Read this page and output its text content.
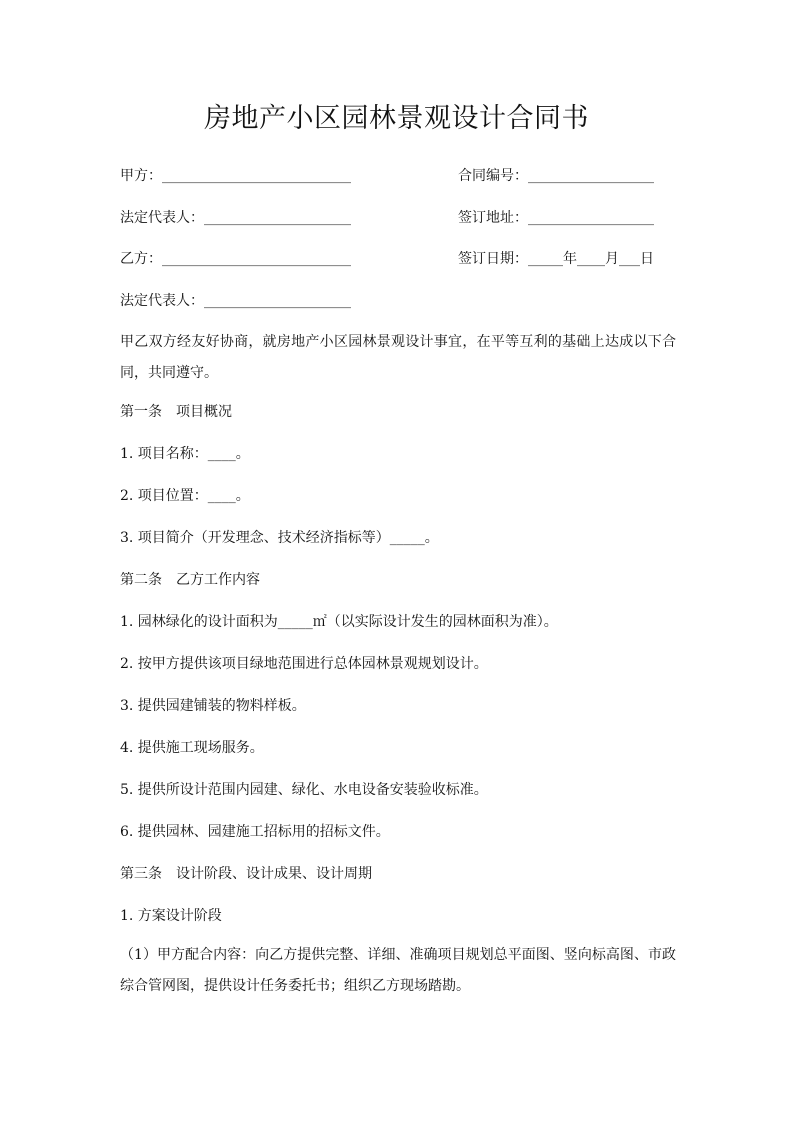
房地产小区园林景观设计合同书
甲方：___________________________	合同编号：__________________
法定代表人：_____________________	签订地址：__________________
乙方：___________________________	签订日期：_____年____月___日
法定代表人：_____________________
甲乙双方经友好协商，就房地产小区园林景观设计事宜，在平等互利的基础上达成以下合同，共同遵守。
第一条　项目概况
1. 项目名称：____。
2. 项目位置：____。
3. 项目简介（开发理念、技术经济指标等）_____。
第二条　乙方工作内容
1. 园林绿化的设计面积为_____㎡（以实际设计发生的园林面积为准）。
2. 按甲方提供该项目绿地范围进行总体园林景观规划设计。
3. 提供园建铺装的物料样板。
4. 提供施工现场服务。
5. 提供所设计范围内园建、绿化、水电设备安装验收标准。
6. 提供园林、园建施工招标用的招标文件。
第三条　设计阶段、设计成果、设计周期
1. 方案设计阶段
（1）甲方配合内容：向乙方提供完整、详细、准确项目规划总平面图、竖向标高图、市政综合管网图，提供设计任务委托书；组织乙方现场踏勘。
